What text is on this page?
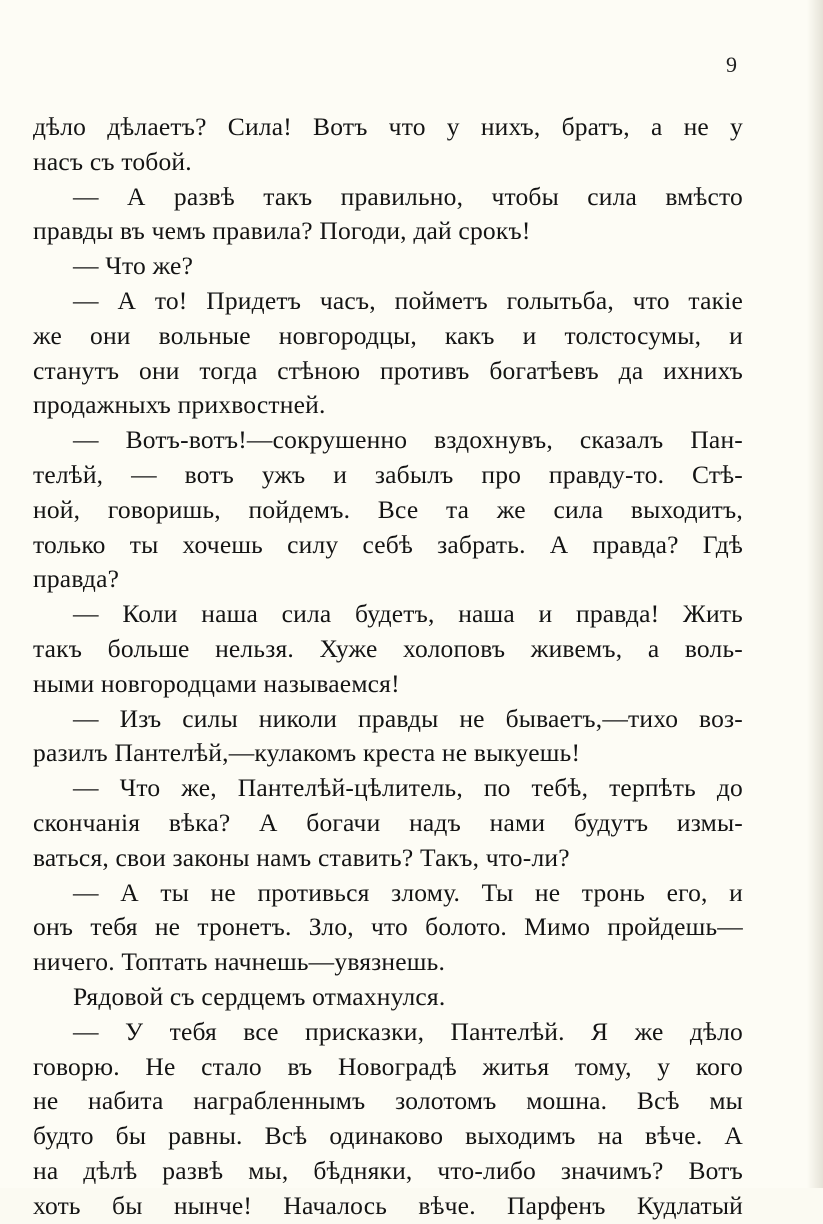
9
дѣло дѣлаетъ? Сила! Вотъ что у нихъ, братъ, а не у
насъ съ тобой.
— А развѣ такъ правильно, чтобы сила вмѣсто
правды въ чемъ правила? Погоди, дай срокъ!
— Что же?
— А то! Придетъ часъ, пойметъ голытьба, что такіе
же они вольные новгородцы, какъ и толстосумы, и
станутъ они тогда стѣною противъ богатѣевъ да ихнихъ
продажныхъ прихвостней.
— Вотъ-вотъ!—сокрушенно вздохнувъ, сказалъ Пан-
телѣй, — вотъ ужъ и забылъ про правду-то. Стѣ-
ной, говоришь, пойдемъ. Все та же сила выходитъ,
только ты хочешь силу себѣ забрать. А правда? Гдѣ
правда?
— Коли наша сила будетъ, наша и правда! Жить
такъ больше нельзя. Хуже холоповъ живемъ, а воль-
ными новгородцами называемся!
— Изъ силы николи правды не бываетъ,—тихо воз-
разилъ Пантелѣй,—кулакомъ креста не выкуешь!
— Что же, Пантелѣй-цѣлитель, по тебѣ, терпѣть до
скончанія вѣка? А богачи надъ нами будутъ измы-
ваться, свои законы намъ ставить? Такъ, что-ли?
— А ты не противься злому. Ты не тронь его, и
онъ тебя не тронетъ. Зло, что болото. Мимо пройдешь—
ничего. Топтать начнешь—увязнешь.
Рядовой съ сердцемъ отмахнулся.
— У тебя все присказки, Пантелѣй. Я же дѣло
говорю. Не стало въ Новоградѣ житья тому, у кого
не набита награбленнымъ золотомъ мошна. Всѣ мы
будто бы равны. Всѣ одинаково выходимъ на вѣче. А
на дѣлѣ развѣ мы, бѣдняки, что-либо значимъ? Вотъ
хоть бы нынче! Началось вѣче. Парфенъ Кудлатый
